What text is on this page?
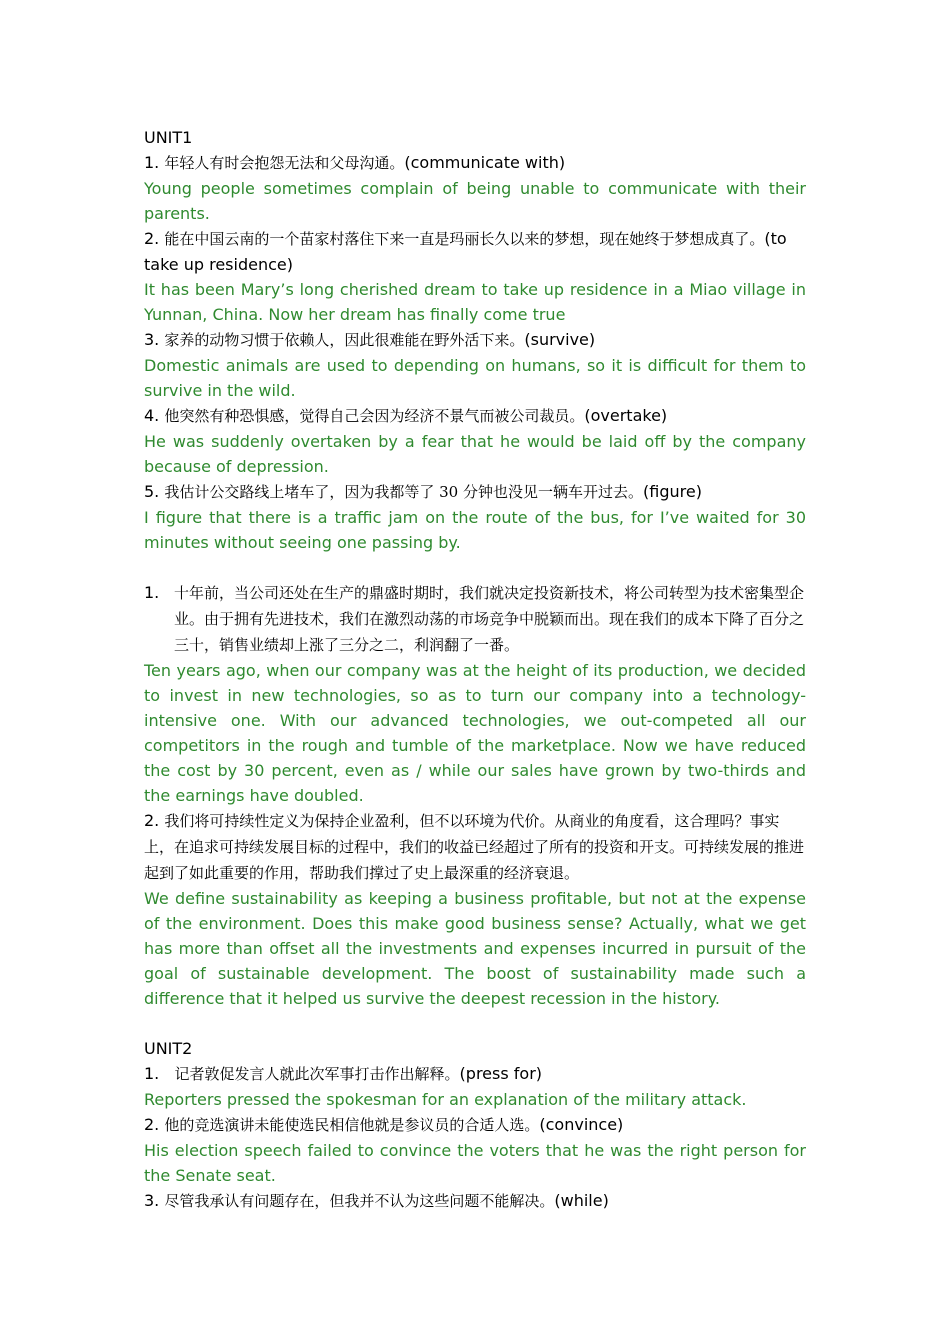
UNIT1

1. 年轻人有时会抱怨无法和父母沟通。(communicate with)

Young people sometimes complain of being unable to communicate with their parents.

2. 能在中国云南的一个苗家村落住下来一直是玛丽长久以来的梦想，现在她终于梦想成真了。(to take up residence)

It has been Mary’s long cherished dream to take up residence in a Miao village in Yunnan, China. Now her dream has finally come true

3. 家养的动物习惯于依赖人，因此很难能在野外活下来。(survive)

Domestic animals are used to depending on humans, so it is difficult for them to survive in the wild.

4. 他突然有种恐惧感，觉得自己会因为经济不景气而被公司裁员。(overtake)

He was suddenly overtaken by a fear that he would be laid off by the company because of depression.

5. 我估计公交路线上堵车了，因为我都等了 30 分钟也没见一辆车开过去。(figure)

I figure that there is a traffic jam on the route of the bus, for I’ve waited for 30 minutes without seeing one passing by.

1. 十年前，当公司还处在生产的鼎盛时期时，我们就决定投资新技术，将公司转型为技术密集型企业。由于拥有先进技术，我们在激烈动荡的市场竞争中脱颖而出。现在我们的成本下降了百分之三十，销售业绩却上涨了三分之二，利润翻了一番。

Ten years ago, when our company was at the height of its production, we decided to invest in new technologies, so as to turn our company into a technology-intensive one. With our advanced technologies, we out-competed all our competitors in the rough and tumble of the marketplace. Now we have reduced the cost by 30 percent, even as / while our sales have grown by two-thirds and the earnings have doubled.

2. 我们将可持续性定义为保持企业盈利，但不以环境为代价。从商业的角度看，这合理吗？事实上，在追求可持续发展目标的过程中，我们的收益已经超过了所有的投资和开支。可持续发展的推进起到了如此重要的作用，帮助我们撑过了史上最深重的经济衰退。

We define sustainability as keeping a business profitable, but not at the expense of the environment. Does this make good business sense? Actually, what we get has more than offset all the investments and expenses incurred in pursuit of the goal of sustainable development. The boost of sustainability made such a difference that it helped us survive the deepest recession in the history.

UNIT2

1. 记者敦促发言人就此次军事打击作出解释。(press for)

Reporters pressed the spokesman for an explanation of the military attack.

2. 他的竞选演讲未能使选民相信他就是参议员的合适人选。(convince)

His election speech failed to convince the voters that he was the right person for the Senate seat.

3. 尽管我承认有问题存在，但我并不认为这些问题不能解决。(while)
